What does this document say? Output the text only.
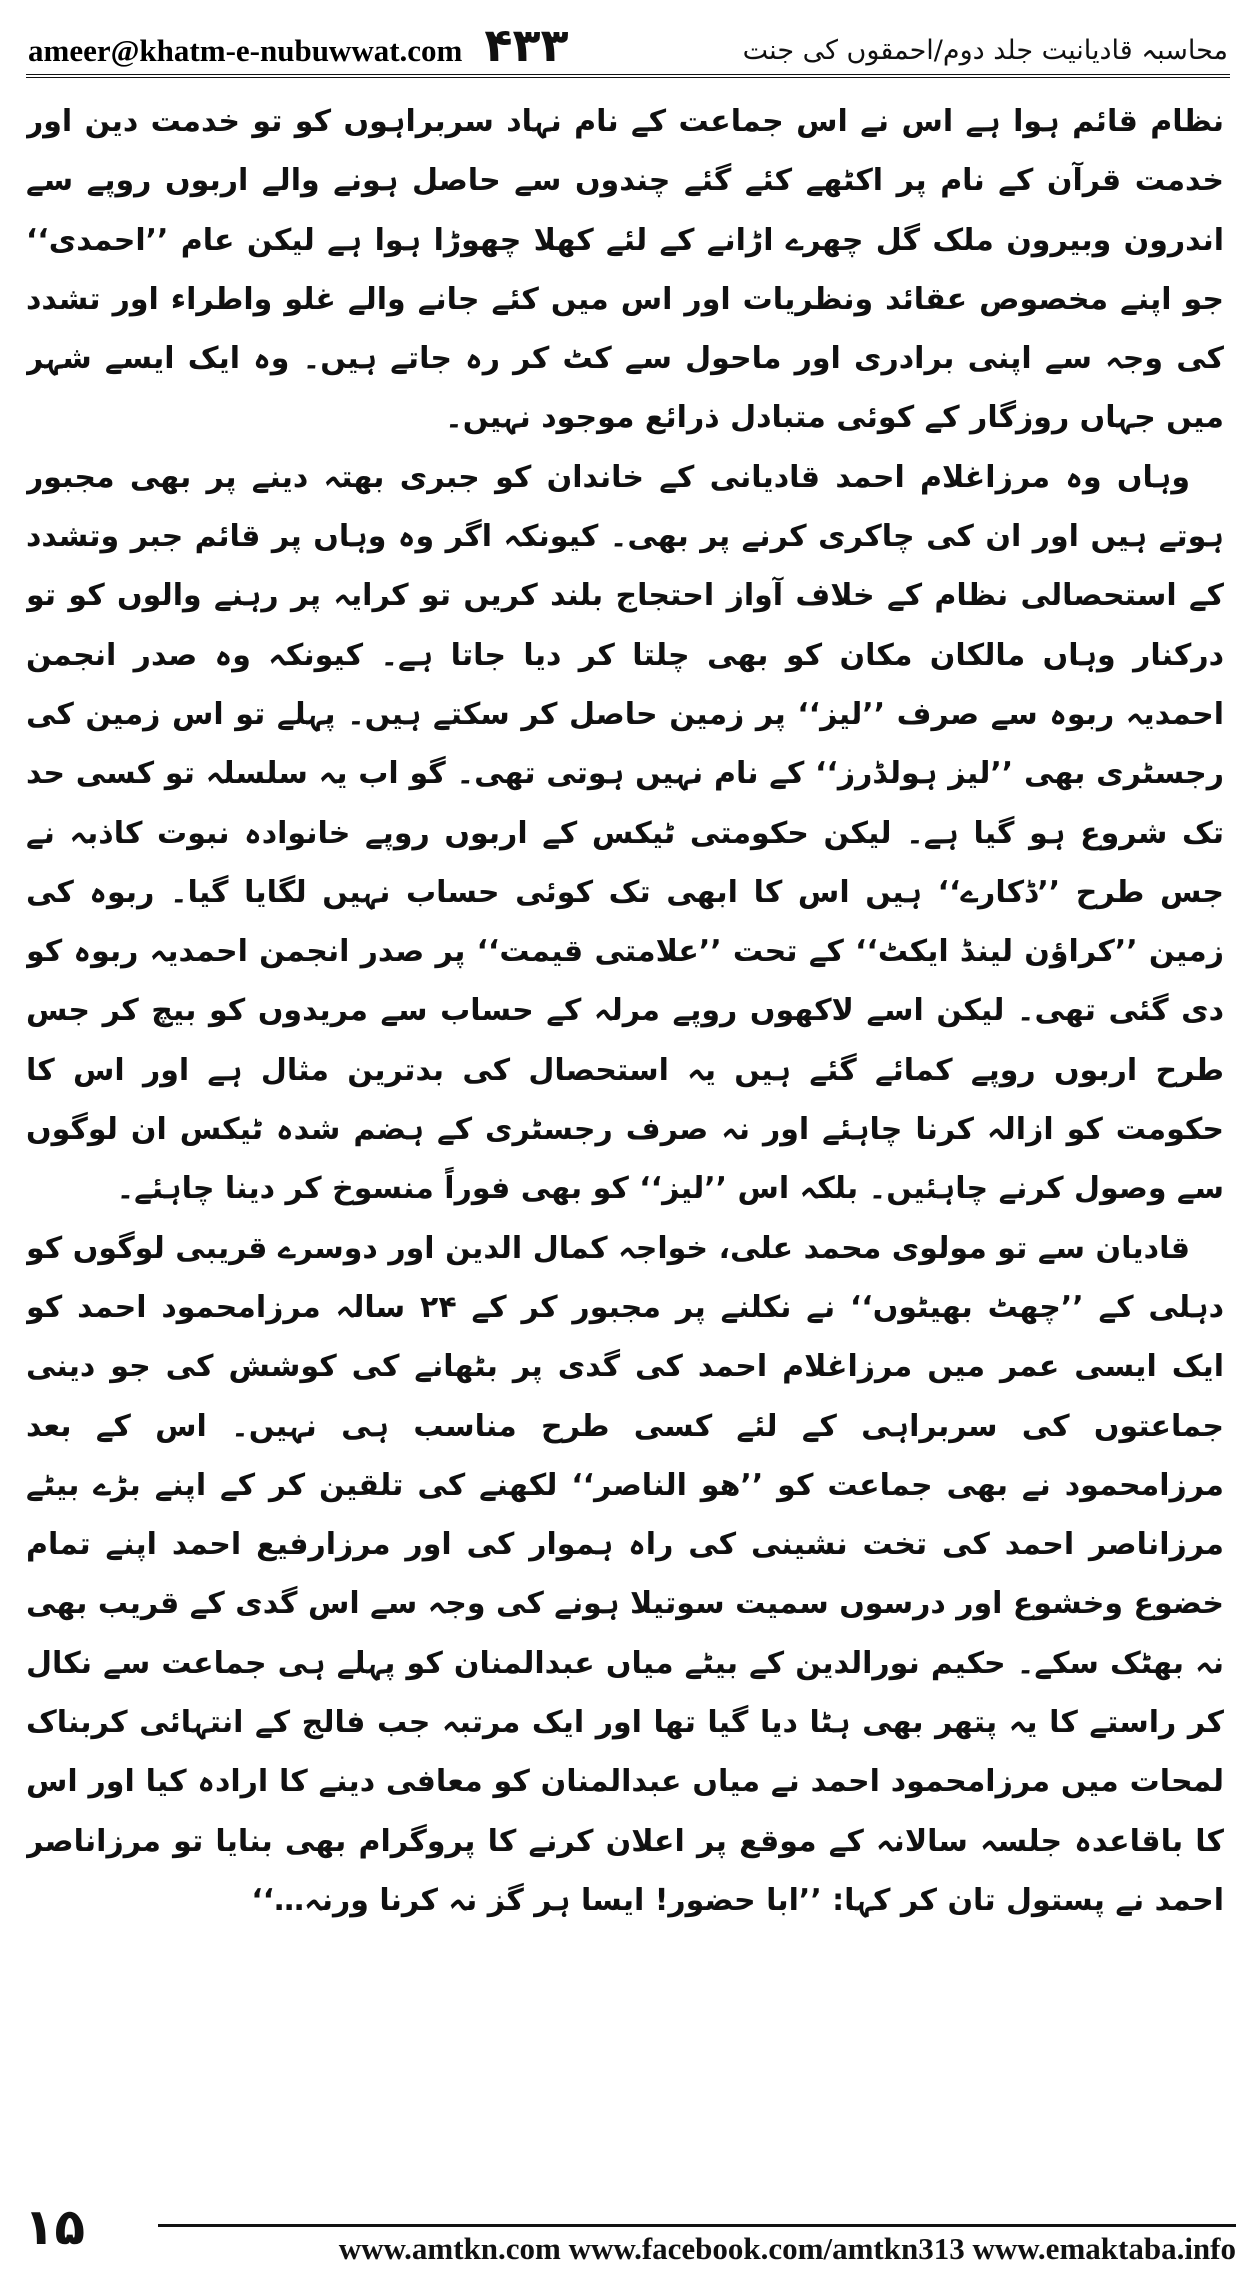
ameer@khatm-e-nubuwwat.com ۴۳۳	محاسبہ قادیانیت جلد دوم/احمقوں کی جنت

نظام قائم ہوا ہے اس نے اس جماعت کے نام نہاد سربراہوں کو تو خدمت دین اور خدمت قرآن کے نام پر اکٹھے کئے گئے چندوں سے حاصل ہونے والے اربوں روپے سے اندرون وبیرون ملک گل چھرے اڑانے کے لئے کھلا چھوڑا ہوا ہے لیکن عام ’’احمدی‘‘ جو اپنے مخصوص عقائد ونظریات اور اس میں کئے جانے والے غلو واطراء اور تشدد کی وجہ سے اپنی برادری اور ماحول سے کٹ کر رہ جاتے ہیں۔ وہ ایک ایسے شہر میں جہاں روزگار کے کوئی متبادل ذرائع موجود نہیں۔

وہاں وہ مرزاغلام احمد قادیانی کے خاندان کو جبری بھتہ دینے پر بھی مجبور ہوتے ہیں اور ان کی چاکری کرنے پر بھی۔ کیونکہ اگر وہ وہاں پر قائم جبر وتشدد کے استحصالی نظام کے خلاف آواز احتجاج بلند کریں تو کرایہ پر رہنے والوں کو تو درکنار وہاں مالکان مکان کو بھی چلتا کر دیا جاتا ہے۔ کیونکہ وہ صدر انجمن احمدیہ ربوہ سے صرف ’’لیز‘‘ پر زمین حاصل کر سکتے ہیں۔ پہلے تو اس زمین کی رجسٹری بھی ’’لیز ہولڈرز‘‘ کے نام نہیں ہوتی تھی۔ گو اب یہ سلسلہ تو کسی حد تک شروع ہو گیا ہے۔ لیکن حکومتی ٹیکس کے اربوں روپے خانوادہ نبوت کاذبہ نے جس طرح ’’ڈکارے‘‘ ہیں اس کا ابھی تک کوئی حساب نہیں لگایا گیا۔ ربوہ کی زمین ’’کراؤن لینڈ ایکٹ‘‘ کے تحت ’’علامتی قیمت‘‘ پر صدر انجمن احمدیہ ربوہ کو دی گئی تھی۔ لیکن اسے لاکھوں روپے مرلہ کے حساب سے مریدوں کو بیچ کر جس طرح اربوں روپے کمائے گئے ہیں یہ استحصال کی بدترین مثال ہے اور اس کا حکومت کو ازالہ کرنا چاہئے اور نہ صرف رجسٹری کے ہضم شدہ ٹیکس ان لوگوں سے وصول کرنے چاہئیں۔ بلکہ اس ’’لیز‘‘ کو بھی فوراً منسوخ کر دینا چاہئے۔

قادیان سے تو مولوی محمد علی، خواجہ کمال الدین اور دوسرے قریبی لوگوں کو دہلی کے ’’چھٹ بھیٹوں‘‘ نے نکلنے پر مجبور کر کے ۲۴ سالہ مرزامحمود احمد کو ایک ایسی عمر میں مرزاغلام احمد کی گدی پر بٹھانے کی کوشش کی جو دینی جماعتوں کی سربراہی کے لئے کسی طرح مناسب ہی نہیں۔ اس کے بعد مرزامحمود نے بھی جماعت کو ’’ھو الناصر‘‘ لکھنے کی تلقین کر کے اپنے بڑے بیٹے مرزاناصر احمد کی تخت نشینی کی راہ ہموار کی اور مرزارفیع احمد اپنے تمام خضوع وخشوع اور درسوں سمیت سوتیلا ہونے کی وجہ سے اس گدی کے قریب بھی نہ بھٹک سکے۔ حکیم نورالدین کے بیٹے میاں عبدالمنان کو پہلے ہی جماعت سے نکال کر راستے کا یہ پتھر بھی ہٹا دیا گیا تھا اور ایک مرتبہ جب فالج کے انتہائی کربناک لمحات میں مرزامحمود احمد نے میاں عبدالمنان کو معافی دینے کا ارادہ کیا اور اس کا باقاعدہ جلسہ سالانہ کے موقع پر اعلان کرنے کا پروگرام بھی بنایا تو مرزاناصر احمد نے پستول تان کر کہا: ’’ابا حضور! ایسا ہر گز نہ کرنا ورنہ…‘‘

۱۵	www.amtkn.com www.facebook.com/amtkn313 www.emaktaba.info
